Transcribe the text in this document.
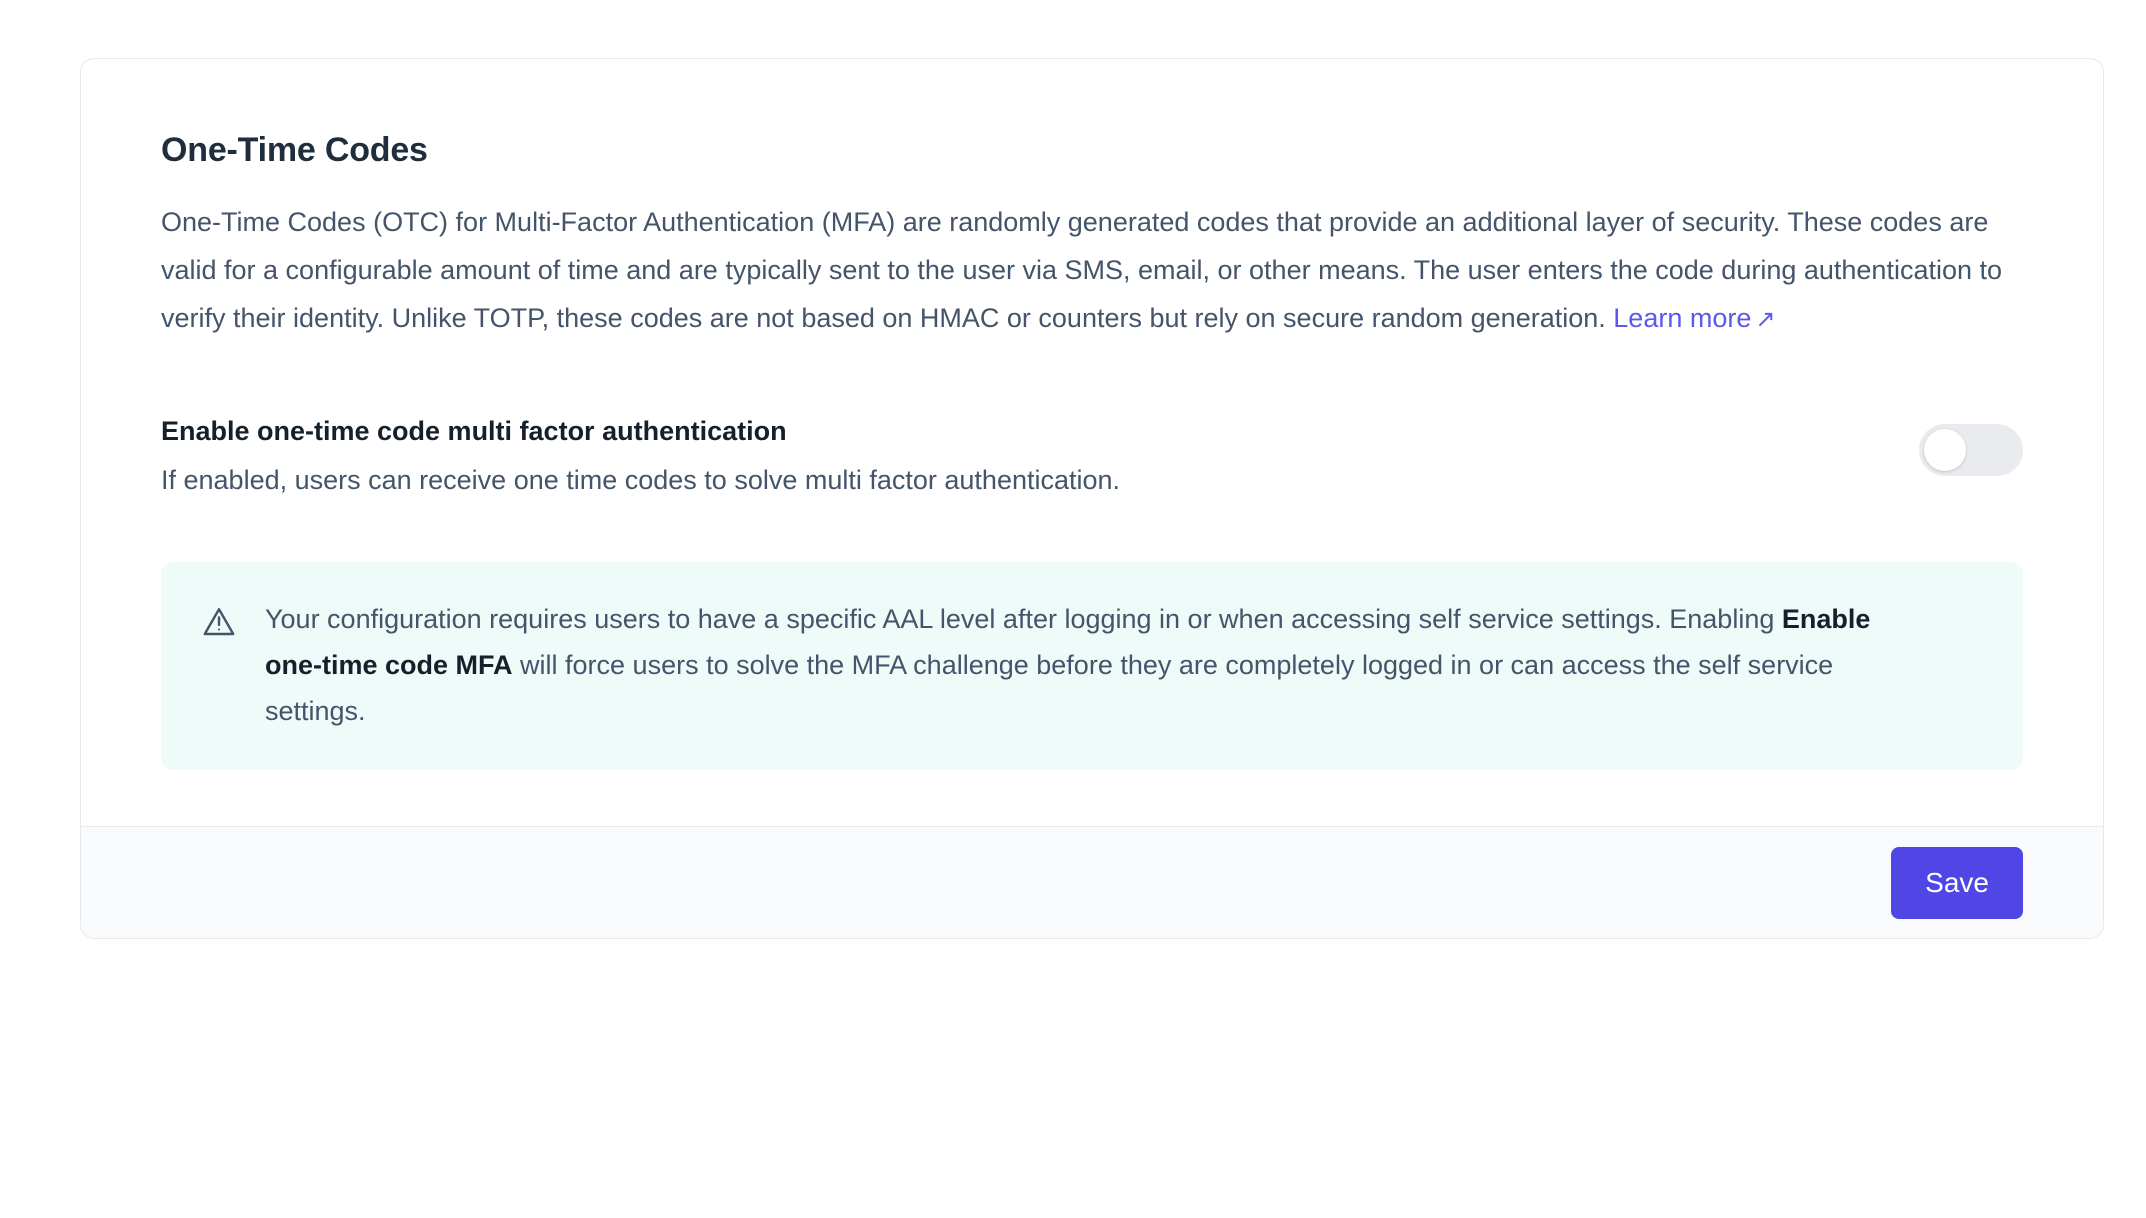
One-Time Codes

One-Time Codes (OTC) for Multi-Factor Authentication (MFA) are randomly generated codes that provide an additional layer of security. These codes are valid for a configurable amount of time and are typically sent to the user via SMS, email, or other means. The user enters the code during authentication to verify their identity. Unlike TOTP, these codes are not based on HMAC or counters but rely on secure random generation. Learn more ↗

Enable one-time code multi factor authentication

If enabled, users can receive one time codes to solve multi factor authentication.

Your configuration requires users to have a specific AAL level after logging in or when accessing self service settings. Enabling Enable one-time code MFA will force users to solve the MFA challenge before they are completely logged in or can access the self service settings.
Save
